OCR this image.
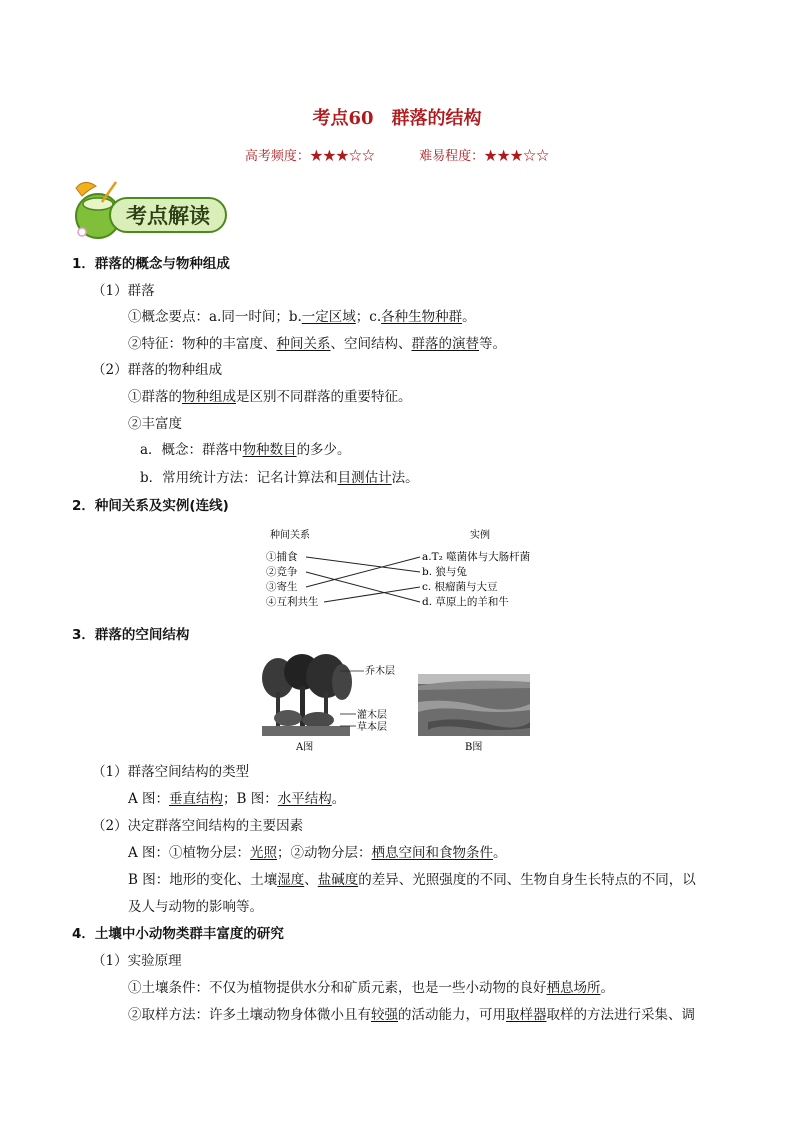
考点60 群落的结构
高考频度：★★★☆☆	难易程度：★★★☆☆
考点解读
1．群落的概念与物种组成
（1）群落
①概念要点：a.同一时间；b.一定区域；c.各种生物种群。
②特征：物种的丰富度、种间关系、空间结构、群落的演替等。
（2）群落的物种组成
①群落的物种组成是区别不同群落的重要特征。
②丰富度
a．概念：群落中物种数目的多少。
b．常用统计方法：记名计算法和目测估计法。
2．种间关系及实例(连线)
种间关系	实例
①捕食
②竞争
③寄生
④互利共生
a.T₂ 噬菌体与大肠杆菌
b. 狼与兔
c. 根瘤菌与大豆
d. 草原上的羊和牛
3．群落的空间结构
乔木层
灌木层
草本层
A图	B图
（1）群落空间结构的类型
A 图：垂直结构；B 图：水平结构。
（2）决定群落空间结构的主要因素
A 图：①植物分层：光照；②动物分层：栖息空间和食物条件。
B 图：地形的变化、土壤湿度、盐碱度的差异、光照强度的不同、生物自身生长特点的不同，以
及人与动物的影响等。
4．土壤中小动物类群丰富度的研究
（1）实验原理
①土壤条件：不仅为植物提供水分和矿质元素，也是一些小动物的良好栖息场所。
②取样方法：许多土壤动物身体微小且有较强的活动能力，可用取样器取样的方法进行采集、调
